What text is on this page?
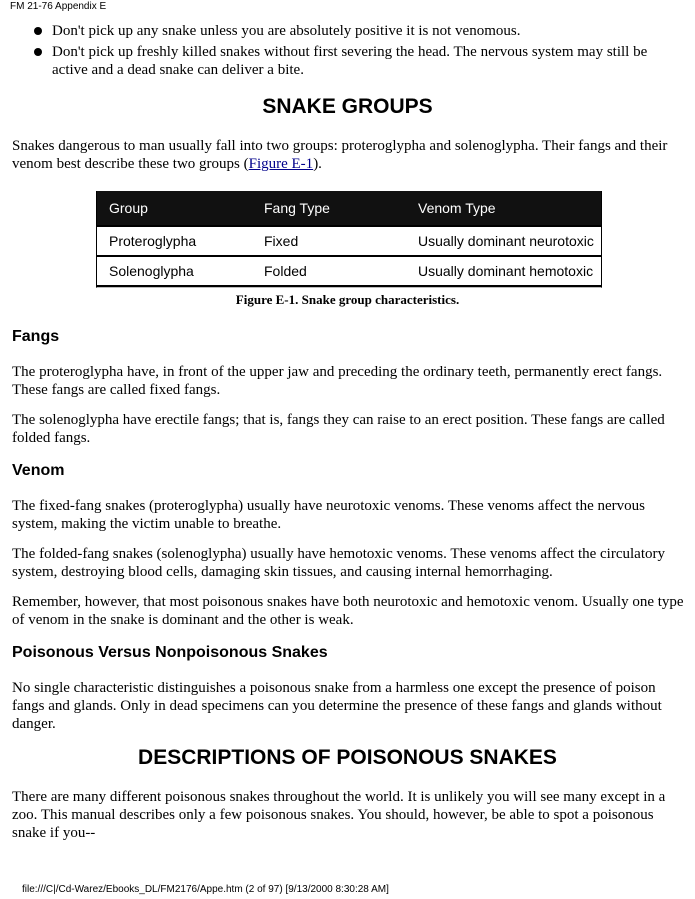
FM 21-76 Appendix E
Don't pick up any snake unless you are absolutely positive it is not venomous.
Don't pick up freshly killed snakes without first severing the head. The nervous system may still be active and a dead snake can deliver a bite.
SNAKE GROUPS

Snakes dangerous to man usually fall into two groups: proteroglypha and solenoglypha. Their fangs and their venom best describe these two groups (Figure E-1).

Group	Fang Type	Venom Type
Proteroglypha	Fixed	Usually dominant neurotoxic
Solenoglypha	Folded	Usually dominant hemotoxic
Figure E-1. Snake group characteristics.
Fangs

The proteroglypha have, in front of the upper jaw and preceding the ordinary teeth, permanently erect fangs. These fangs are called fixed fangs.

The solenoglypha have erectile fangs; that is, fangs they can raise to an erect position. These fangs are called folded fangs.

Venom

The fixed-fang snakes (proteroglypha) usually have neurotoxic venoms. These venoms affect the nervous system, making the victim unable to breathe.

The folded-fang snakes (solenoglypha) usually have hemotoxic venoms. These venoms affect the circulatory system, destroying blood cells, damaging skin tissues, and causing internal hemorrhaging.

Remember, however, that most poisonous snakes have both neurotoxic and hemotoxic venom. Usually one type of venom in the snake is dominant and the other is weak.

Poisonous Versus Nonpoisonous Snakes

No single characteristic distinguishes a poisonous snake from a harmless one except the presence of poison fangs and glands. Only in dead specimens can you determine the presence of these fangs and glands without danger.

DESCRIPTIONS OF POISONOUS SNAKES

There are many different poisonous snakes throughout the world. It is unlikely you will see many except in a zoo. This manual describes only a few poisonous snakes. You should, however, be able to spot a poisonous snake if you--

file:///C|/Cd-Warez/Ebooks_DL/FM2176/Appe.htm (2 of 97) [9/13/2000 8:30:28 AM]
